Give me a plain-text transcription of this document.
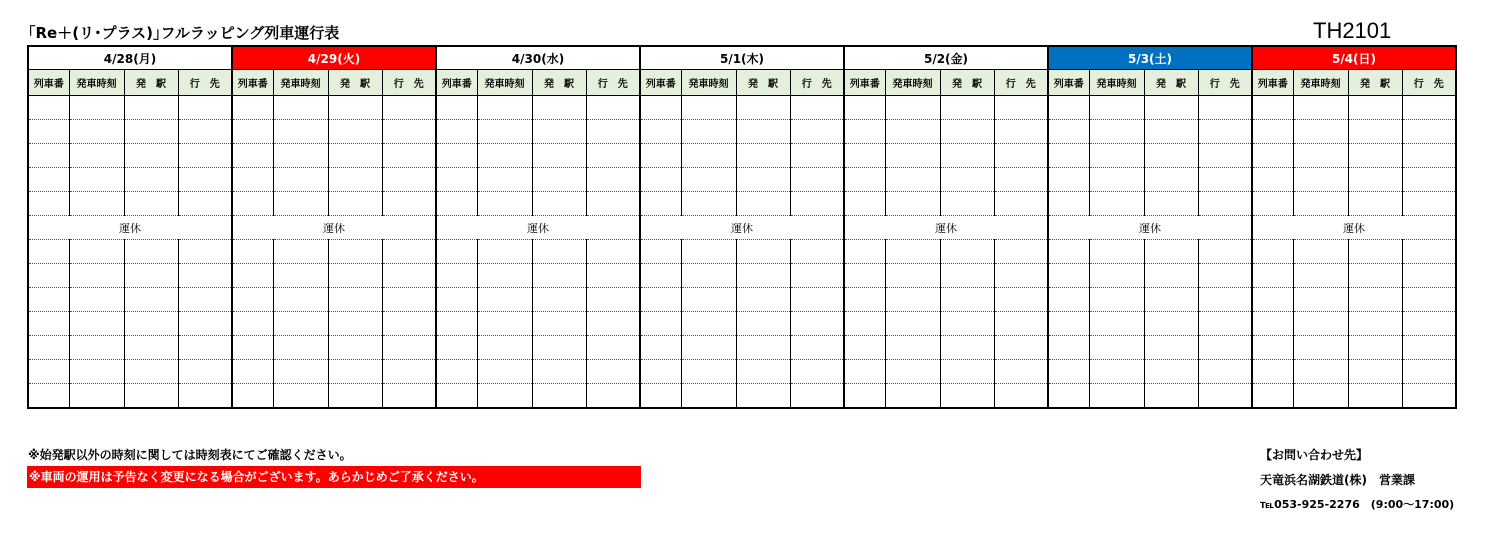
｢Re＋(リ･プラス)｣フルラッピング列車運行表	TH2101
4/28(月)				4/29(火)				4/30(水)				5/1(木)				5/2(金)				5/3(土)				5/4(日)			
列車番	発車時刻	発　駅	行　先	列車番	発車時刻	発　駅	行　先	列車番	発車時刻	発　駅	行　先	列車番	発車時刻	発　駅	行　先	列車番	発車時刻	発　駅	行　先	列車番	発車時刻	発　駅	行　先	列車番	発車時刻	発　駅	行　先

運休				運休				運休				運休				運休				運休				運休			

※始発駅以外の時刻に関しては時刻表にてご確認ください。
※車両の運用は予告なく変更になる場合がございます。あらかじめご了承ください。
【お問い合わせ先】
天竜浜名湖鉄道(株)　営業課
℡053-925-2276　(9:00～17:00)
